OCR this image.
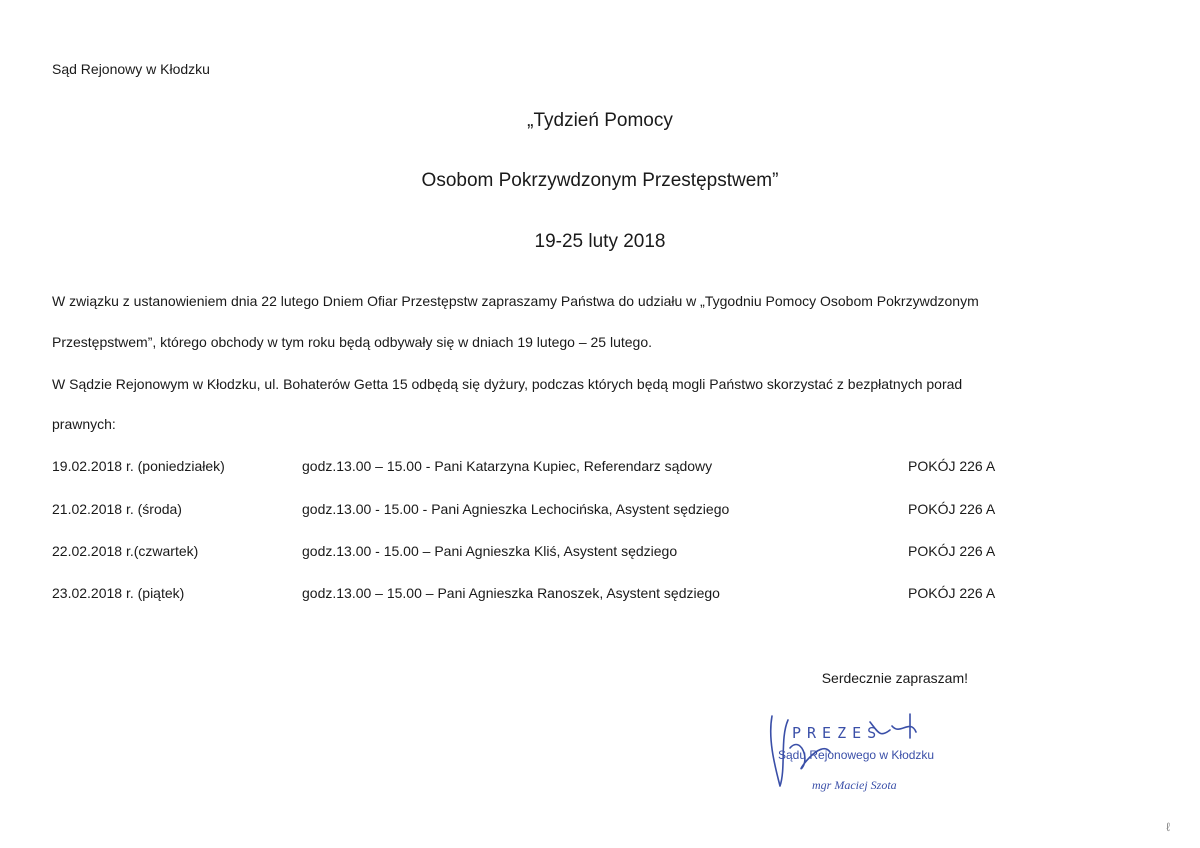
Sąd Rejonowy w Kłodzku
„Tydzień Pomocy
Osobom Pokrzywdzonym Przestępstwem”
19-25 luty 2018
W związku z ustanowieniem dnia 22 lutego Dniem Ofiar Przestępstw zapraszamy Państwa do udziału w „Tygodniu Pomocy Osobom Pokrzywdzonym
Przestępstwem”, którego obchody w tym roku będą odbywały się w dniach 19 lutego – 25 lutego.
W Sądzie Rejonowym w Kłodzku, ul. Bohaterów Getta 15 odbędą się dyżury, podczas których będą mogli Państwo skorzystać z bezpłatnych porad
prawnych:
19.02.2018 r. (poniedziałek)	godz.13.00 – 15.00 - Pani Katarzyna Kupiec, Referendarz sądowy	POKÓJ 226 A
21.02.2018 r. (środa)	godz.13.00 - 15.00 - Pani Agnieszka Lechocińska, Asystent sędziego	POKÓJ 226 A
22.02.2018 r.(czwartek)	godz.13.00 - 15.00 – Pani Agnieszka Kliś, Asystent sędziego	POKÓJ 226 A
23.02.2018 r. (piątek)	godz.13.00 – 15.00 – Pani Agnieszka Ranoszek, Asystent sędziego	POKÓJ 226 A
Serdecznie zapraszam!
PREZES
Sądu Rejonowego w Kłodzku
mgr Maciej Szota
ℓ
